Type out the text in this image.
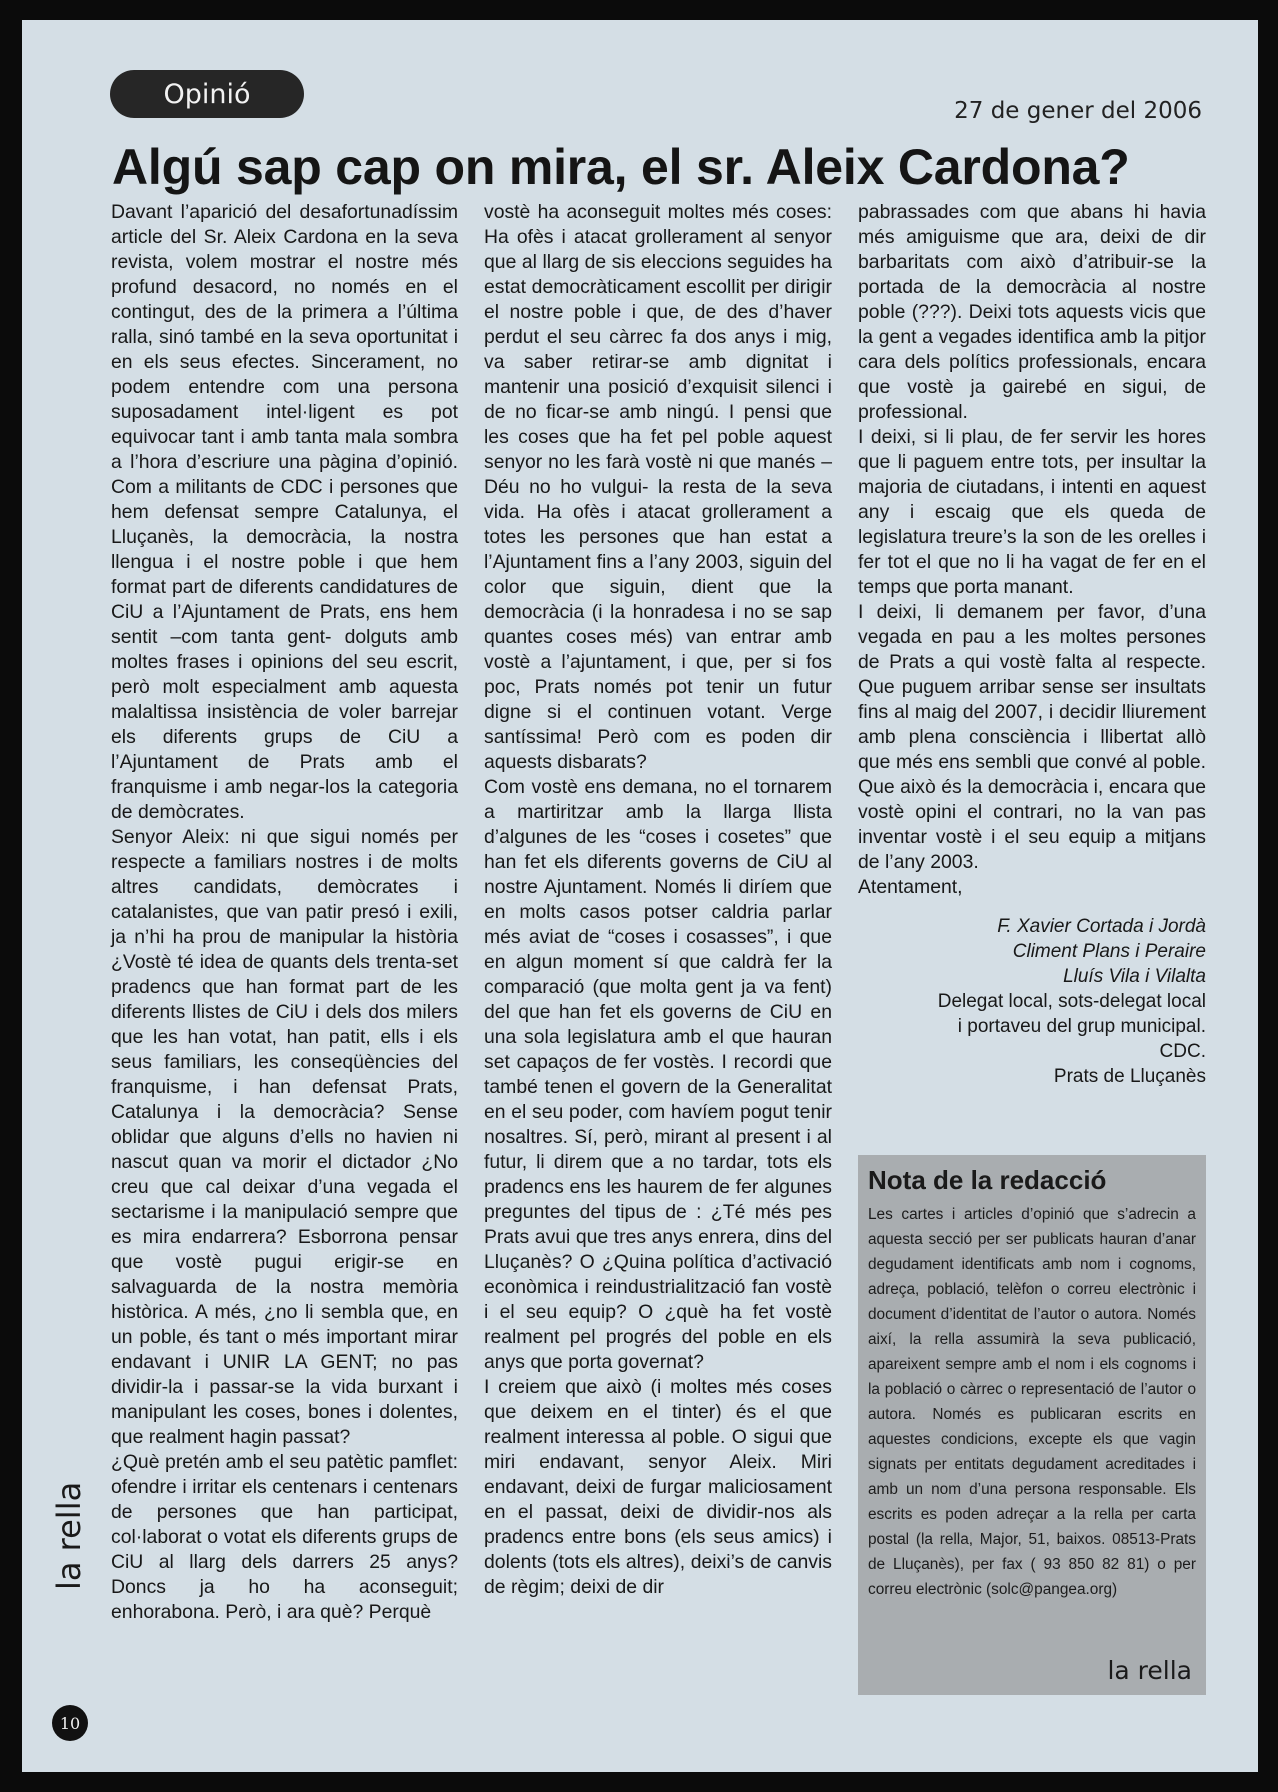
Opinió
27 de gener del 2006
Algú sap cap on mira, el sr. Aleix Cardona?

Davant l’aparició del desafortunadíssim article del Sr. Aleix Cardona en la seva revista, volem mostrar el nostre més profund desacord, no només en el contingut, des de la primera a l’última ralla, sinó també en la seva oportunitat i en els seus efectes. Sincerament, no podem entendre com una persona suposadament intel·ligent es pot equivocar tant i amb tanta mala sombra a l’hora d’escriure una pàgina d’opinió. Com a militants de CDC i persones que hem defensat sempre Catalunya, el Lluçanès, la democràcia, la nostra llengua i el nostre poble i que hem format part de diferents candidatures de CiU a l’Ajuntament de Prats, ens hem sentit –com tanta gent- dolguts amb moltes frases i opinions del seu escrit, però molt especialment amb aquesta malaltissa insistència de voler barrejar els diferents grups de CiU a l’Ajuntament de Prats amb el franquisme i amb negar-los la categoria de demòcrates.

Senyor Aleix: ni que sigui només per respecte a familiars nostres i de molts altres candidats, demòcrates i catalanistes, que van patir presó i exili, ja n’hi ha prou de manipular la història ¿Vostè té idea de quants dels trenta-set pradencs que han format part de les diferents llistes de CiU i dels dos milers que les han votat, han patit, ells i els seus familiars, les conseqüències del franquisme, i han defensat Prats, Catalunya i la democràcia? Sense oblidar que alguns d’ells no havien ni nascut quan va morir el dictador ¿No creu que cal deixar d’una vegada el sectarisme i la manipulació sempre que es mira endarrera? Esborrona pensar que vostè pugui erigir-se en salvaguarda de la nostra memòria històrica. A més, ¿no li sembla que, en un poble, és tant o més important mirar endavant i UNIR LA GENT; no pas dividir-la i passar-se la vida burxant i manipulant les coses, bones i dolentes, que realment hagin passat?

¿Què pretén amb el seu patètic pamflet: ofendre i irritar els centenars i centenars de persones que han participat, col·laborat o votat els diferents grups de CiU al llarg dels darrers 25 anys? Doncs ja ho ha aconseguit; enhorabona. Però, i ara què? Perquè

vostè ha aconseguit moltes més coses: Ha ofès i atacat grollerament al senyor que al llarg de sis eleccions seguides ha estat democràticament escollit per dirigir el nostre poble i que, de des d’haver perdut el seu càrrec fa dos anys i mig, va saber retirar-se amb dignitat i mantenir una posició d’exquisit silenci i de no ficar-se amb ningú. I pensi que les coses que ha fet pel poble aquest senyor no les farà vostè ni que manés –Déu no ho vulgui- la resta de la seva vida. Ha ofès i atacat grollerament a totes les persones que han estat a l’Ajuntament fins a l’any 2003, siguin del color que siguin, dient que la democràcia (i la honradesa i no se sap quantes coses més) van entrar amb vostè a l’ajuntament, i que, per si fos poc, Prats només pot tenir un futur digne si el continuen votant. Verge santíssima! Però com es poden dir aquests disbarats?

Com vostè ens demana, no el tornarem a martiritzar amb la llarga llista d’algunes de les “coses i cosetes” que han fet els diferents governs de CiU al nostre Ajuntament. Només li diríem que en molts casos potser caldria parlar més aviat de “coses i cosasses”, i que en algun moment sí que caldrà fer la comparació (que molta gent ja va fent) del que han fet els governs de CiU en una sola legislatura amb el que hauran set capaços de fer vostès. I recordi que també tenen el govern de la Generalitat en el seu poder, com havíem pogut tenir nosaltres. Sí, però, mirant al present i al futur, li direm que a no tardar, tots els pradencs ens les haurem de fer algunes preguntes del tipus de : ¿Té més pes Prats avui que tres anys enrera, dins del Lluçanès? O ¿Quina política d’activació econòmica i reindustrialització fan vostè i el seu equip? O ¿què ha fet vostè realment pel progrés del poble en els anys que porta governat?

I creiem que això (i moltes més coses que deixem en el tinter) és el que realment interessa al poble. O sigui que miri endavant, senyor Aleix. Miri endavant, deixi de furgar maliciosament en el passat, deixi de dividir-nos als pradencs entre bons (els seus amics) i dolents (tots els altres), deixi’s de canvis de règim; deixi de dir

pabrassades com que abans hi havia més amiguisme que ara, deixi de dir barbaritats com això d’atribuir-se la portada de la democràcia al nostre poble (???). Deixi tots aquests vicis que la gent a vegades identifica amb la pitjor cara dels polítics professionals, encara que vostè ja gairebé en sigui, de professional.

I deixi, si li plau, de fer servir les hores que li paguem entre tots, per insultar la majoria de ciutadans, i intenti en aquest any i escaig que els queda de legislatura treure’s la son de les orelles i fer tot el que no li ha vagat de fer en el temps que porta manant.

I deixi, li demanem per favor, d’una vegada en pau a les moltes persones de Prats a qui vostè falta al respecte. Que puguem arribar sense ser insultats fins al maig del 2007, i decidir lliurement amb plena consciència i llibertat allò que més ens sembli que convé al poble. Que això és la democràcia i, encara que vostè opini el contrari, no la van pas inventar vostè i el seu equip a mitjans de l’any 2003.

Atentament,

F. Xavier Cortada i Jordà
Climent Plans i Peraire
Lluís Vila i Vilalta
Delegat local, sots-delegat local
i portaveu del grup municipal.
CDC.
Prats de Lluçanès
Nota de la redacció

Les cartes i articles d’opinió que s’adrecin a aquesta secció per ser publicats hauran d’anar degudament identificats amb nom i cognoms, adreça, població, telèfon o correu electrònic i document d’identitat de l’autor o autora. Només així, la rella assumirà la seva publicació, apareixent sempre amb el nom i els cognoms i la població o càrrec o representació de l’autor o autora. Només es publicaran escrits en aquestes condicions, excepte els que vagin signats per entitats degudament acreditades i amb un nom d’una persona responsable. Els escrits es poden adreçar a la rella per carta postal (la rella, Major, 51, baixos. 08513-Prats de Lluçanès), per fax ( 93 850 82 81) o per correu electrònic (solc@pangea.org)

la rella
la rella
10
